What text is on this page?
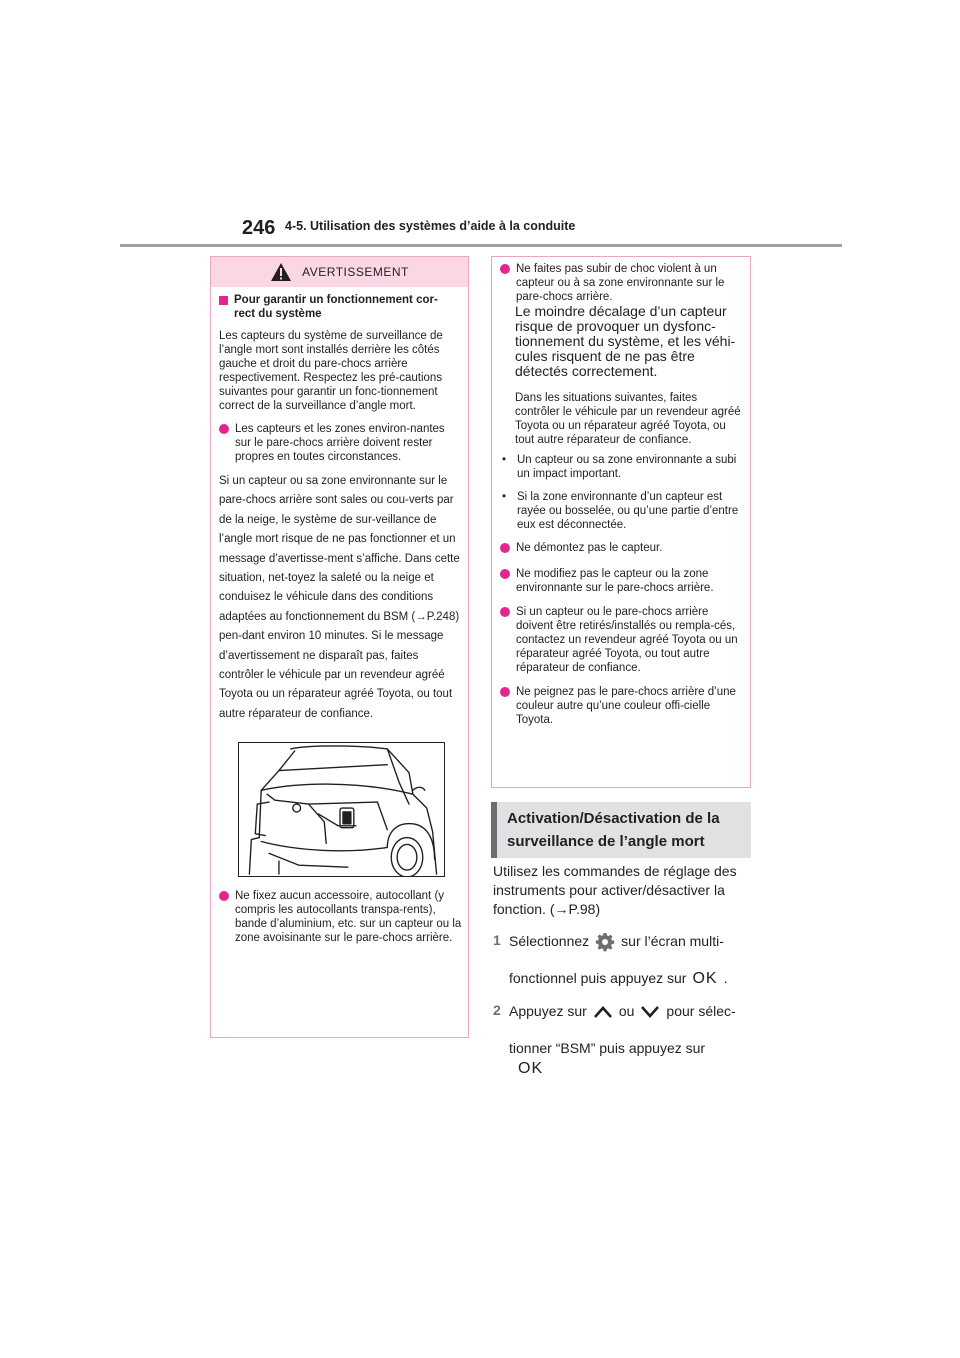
246 4-5. Utilisation des systèmes d’aide à la conduite
AVERTISSEMENT
Pour garantir un fonctionnement cor-
rect du système

Les capteurs du système de surveillance de l’angle mort sont installés derrière les côtés gauche et droit du pare-chocs arrière respectivement. Respectez les pré-cautions suivantes pour garantir un fonc-tionnement correct de la surveillance d’angle mort.

Les capteurs et les zones environ-nantes sur le pare-chocs arrière doivent rester propres en toutes circonstances.

Si un capteur ou sa zone environnante sur le pare-chocs arrière sont sales ou cou-verts par de la neige, le système de sur-veillance de l’angle mort risque de ne pas fonctionner et un message d’avertisse-ment s’affiche. Dans cette situation, net-toyez la saleté ou la neige et conduisez le véhicule dans des conditions adaptées au fonctionnement du BSM (→P.248) pen-dant environ 10 minutes. Si le message d’avertissement ne disparaît pas, faites contrôler le véhicule par un revendeur agréé Toyota ou un réparateur agréé Toyota, ou tout autre réparateur de confiance.

Ne fixez aucun accessoire, autocollant (y compris les autocollants transpa-rents), bande d’aluminium, etc. sur un capteur ou la zone avoisinante sur le pare-chocs arrière.
Ne faites pas subir de choc violent à un capteur ou à sa zone environnante sur le pare-chocs arrière.

Le moindre décalage d’un capteur risque de provoquer un dysfonc-tionnement du système, et les véhi-cules risquent de ne pas être détectés correctement.

Dans les situations suivantes, faites contrôler le véhicule par un revendeur agréé Toyota ou un réparateur agréé Toyota, ou tout autre réparateur de confiance.

• Un capteur ou sa zone environnante a subi un impact important.
• Si la zone environnante d’un capteur est rayée ou bosselée, ou qu’une partie d’entre eux est déconnectée.
Ne démontez pas le capteur.
Ne modifiez pas le capteur ou la zone environnante sur le pare-chocs arrière.
Si un capteur ou le pare-chocs arrière doivent être retirés/installés ou rempla-cés, contactez un revendeur agréé Toyota ou un réparateur agréé Toyota, ou tout autre réparateur de confiance.
Ne peignez pas le pare-chocs arrière d’une couleur autre qu’une couleur offi-cielle Toyota.
Activation/Désactivation de la surveillance de l’angle mort

Utilisez les commandes de réglage des instruments pour activer/désactiver la fonction. (→P.98)

1 Sélectionnez sur l’écran multi-
fonctionnel puis appuyez sur OK .
2 Appuyez sur ou pour sélec-
tionner “BSM” puis appuyez sur
OK
